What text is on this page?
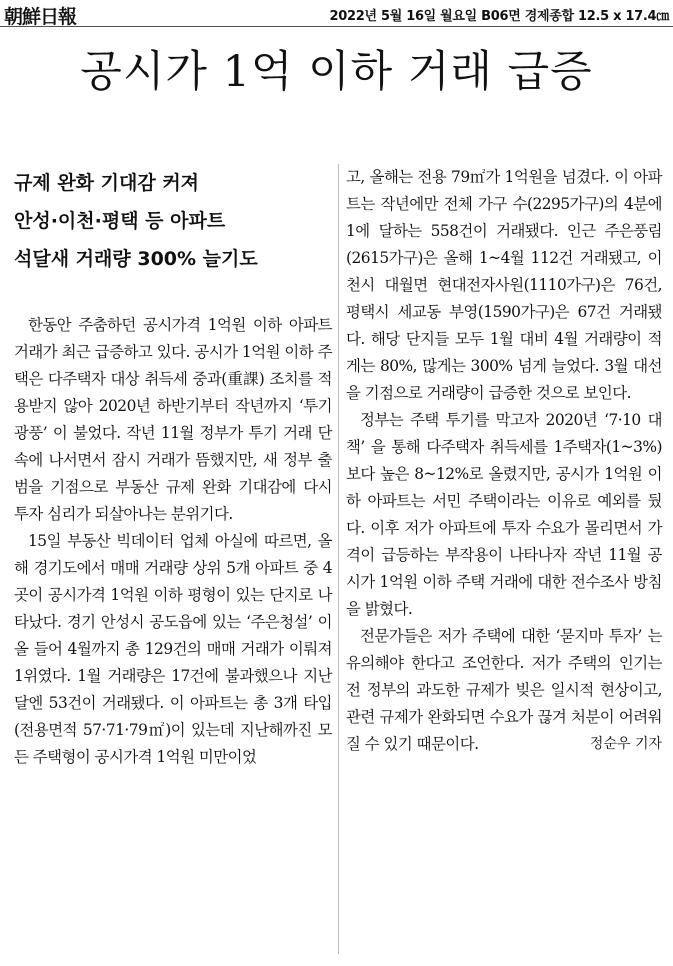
朝鮮日報	2022년 5월 16일 월요일 B06면 경제종합 12.5 x 17.4㎝
공시가 1억 이하 거래 급증
규제 완화 기대감 커져
안성·이천·평택 등 아파트
석달새 거래량 300% 늘기도

한동안 주춤하던 공시가격 1억원 이하 아파트 거래가 최근 급증하고 있다. 공시가 1억원 이하 주택은 다주택자 대상 취득세 중과(重課) 조치를 적용받지 않아 2020년 하반기부터 작년까지 ‘투기 광풍’ 이 불었다. 작년 11월 정부가 투기 거래 단속에 나서면서 잠시 거래가 뜸했지만, 새 정부 출범을 기점으로 부동산 규제 완화 기대감에 다시 투자 심리가 되살아나는 분위기다.

15일 부동산 빅데이터 업체 아실에 따르면, 올해 경기도에서 매매 거래량 상위 5개 아파트 중 4곳이 공시가격 1억원 이하 평형이 있는 단지로 나타났다. 경기 안성시 공도읍에 있는 ‘주은청설’ 이 올 들어 4월까지 총 129건의 매매 거래가 이뤄져 1위였다. 1월 거래량은 17건에 불과했으나 지난달엔 53건이 거래됐다. 이 아파트는 총 3개 타입(전용면적 57·71·79㎡)이 있는데 지난해까진 모든 주택형이 공시가격 1억원 미만이었

고, 올해는 전용 79㎡가 1억원을 넘겼다. 이 아파트는 작년에만 전체 가구 수(2295가구)의 4분에 1에 달하는 558건이 거래됐다. 인근 주은풍림(2615가구)은 올해 1~4월 112건 거래됐고, 이천시 대월면 현대전자사원(1110가구)은 76건, 평택시 세교동 부영(1590가구)은 67건 거래됐다. 해당 단지들 모두 1월 대비 4월 거래량이 적게는 80%, 많게는 300% 넘게 늘었다. 3월 대선을 기점으로 거래량이 급증한 것으로 보인다.

정부는 주택 투기를 막고자 2020년 ‘7·10 대책’ 을 통해 다주택자 취득세를 1주택자(1~3%)보다 높은 8~12%로 올렸지만, 공시가 1억원 이하 아파트는 서민 주택이라는 이유로 예외를 뒀다. 이후 저가 아파트에 투자 수요가 몰리면서 가격이 급등하는 부작용이 나타나자 작년 11월 공시가 1억원 이하 주택 거래에 대한 전수조사 방침을 밝혔다.

전문가들은 저가 주택에 대한 ‘묻지마 투자’ 는 유의해야 한다고 조언한다. 저가 주택의 인기는 전 정부의 과도한 규제가 빚은 일시적 현상이고, 관련 규제가 완화되면 수요가 끊겨 처분이 어려워질 수 있기 때문이다.	정순우 기자
